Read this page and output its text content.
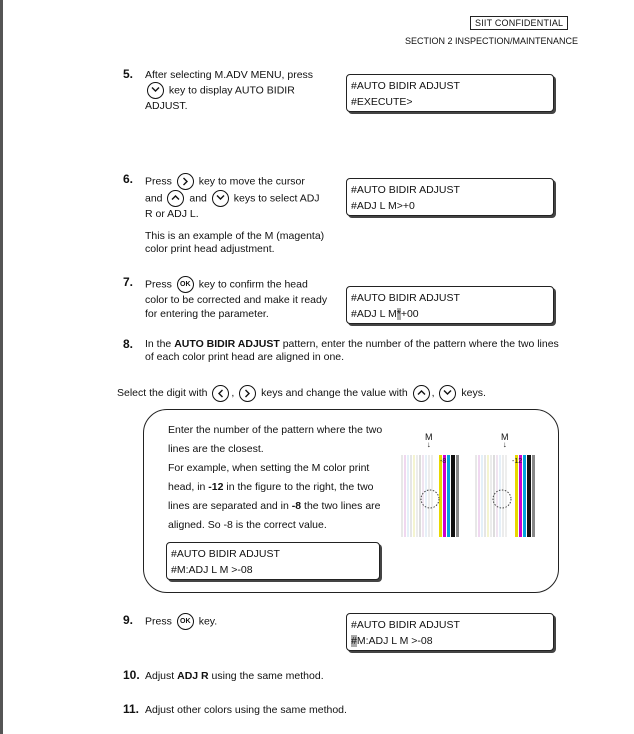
SIIT CONFIDENTIAL
SECTION 2 INSPECTION/MAINTENANCE
5. After selecting M.ADV MENU, press
key to display AUTO BIDIR
ADJUST.
#AUTO BIDIR ADJUST
#EXECUTE>
6. Press	key to move the cursor
and	and	keys to select ADJ
R or ADJ L.
This is an example of the M (magenta)
color print head adjustment.
#AUTO BIDIR ADJUST
#ADJ L M>+0
7. Press OK key to confirm the head
color to be corrected and make it ready
for entering the parameter.
#AUTO BIDIR ADJUST
#ADJ L M*+00
8. In the AUTO BIDIR ADJUST pattern, enter the number of the pattern where the two lines
of each color print head are aligned in one.
Select the digit with ,	keys and change the value with ,	keys.
Enter the number of the pattern where the two
lines are the closest.
For example, when setting the M color print
head, in -12 in the figure to the right, the two
lines are separated and in -8 the two lines are
aligned. So -8 is the correct value.
#AUTO BIDIR ADJUST
#M:ADJ L M >-08
M
↓
-8
M
↓
-12
9. Press OK key.	#AUTO BIDIR ADJUST
#M:ADJ L M >-08
10. Adjust ADJ R using the same method.
11. Adjust other colors using the same method.
